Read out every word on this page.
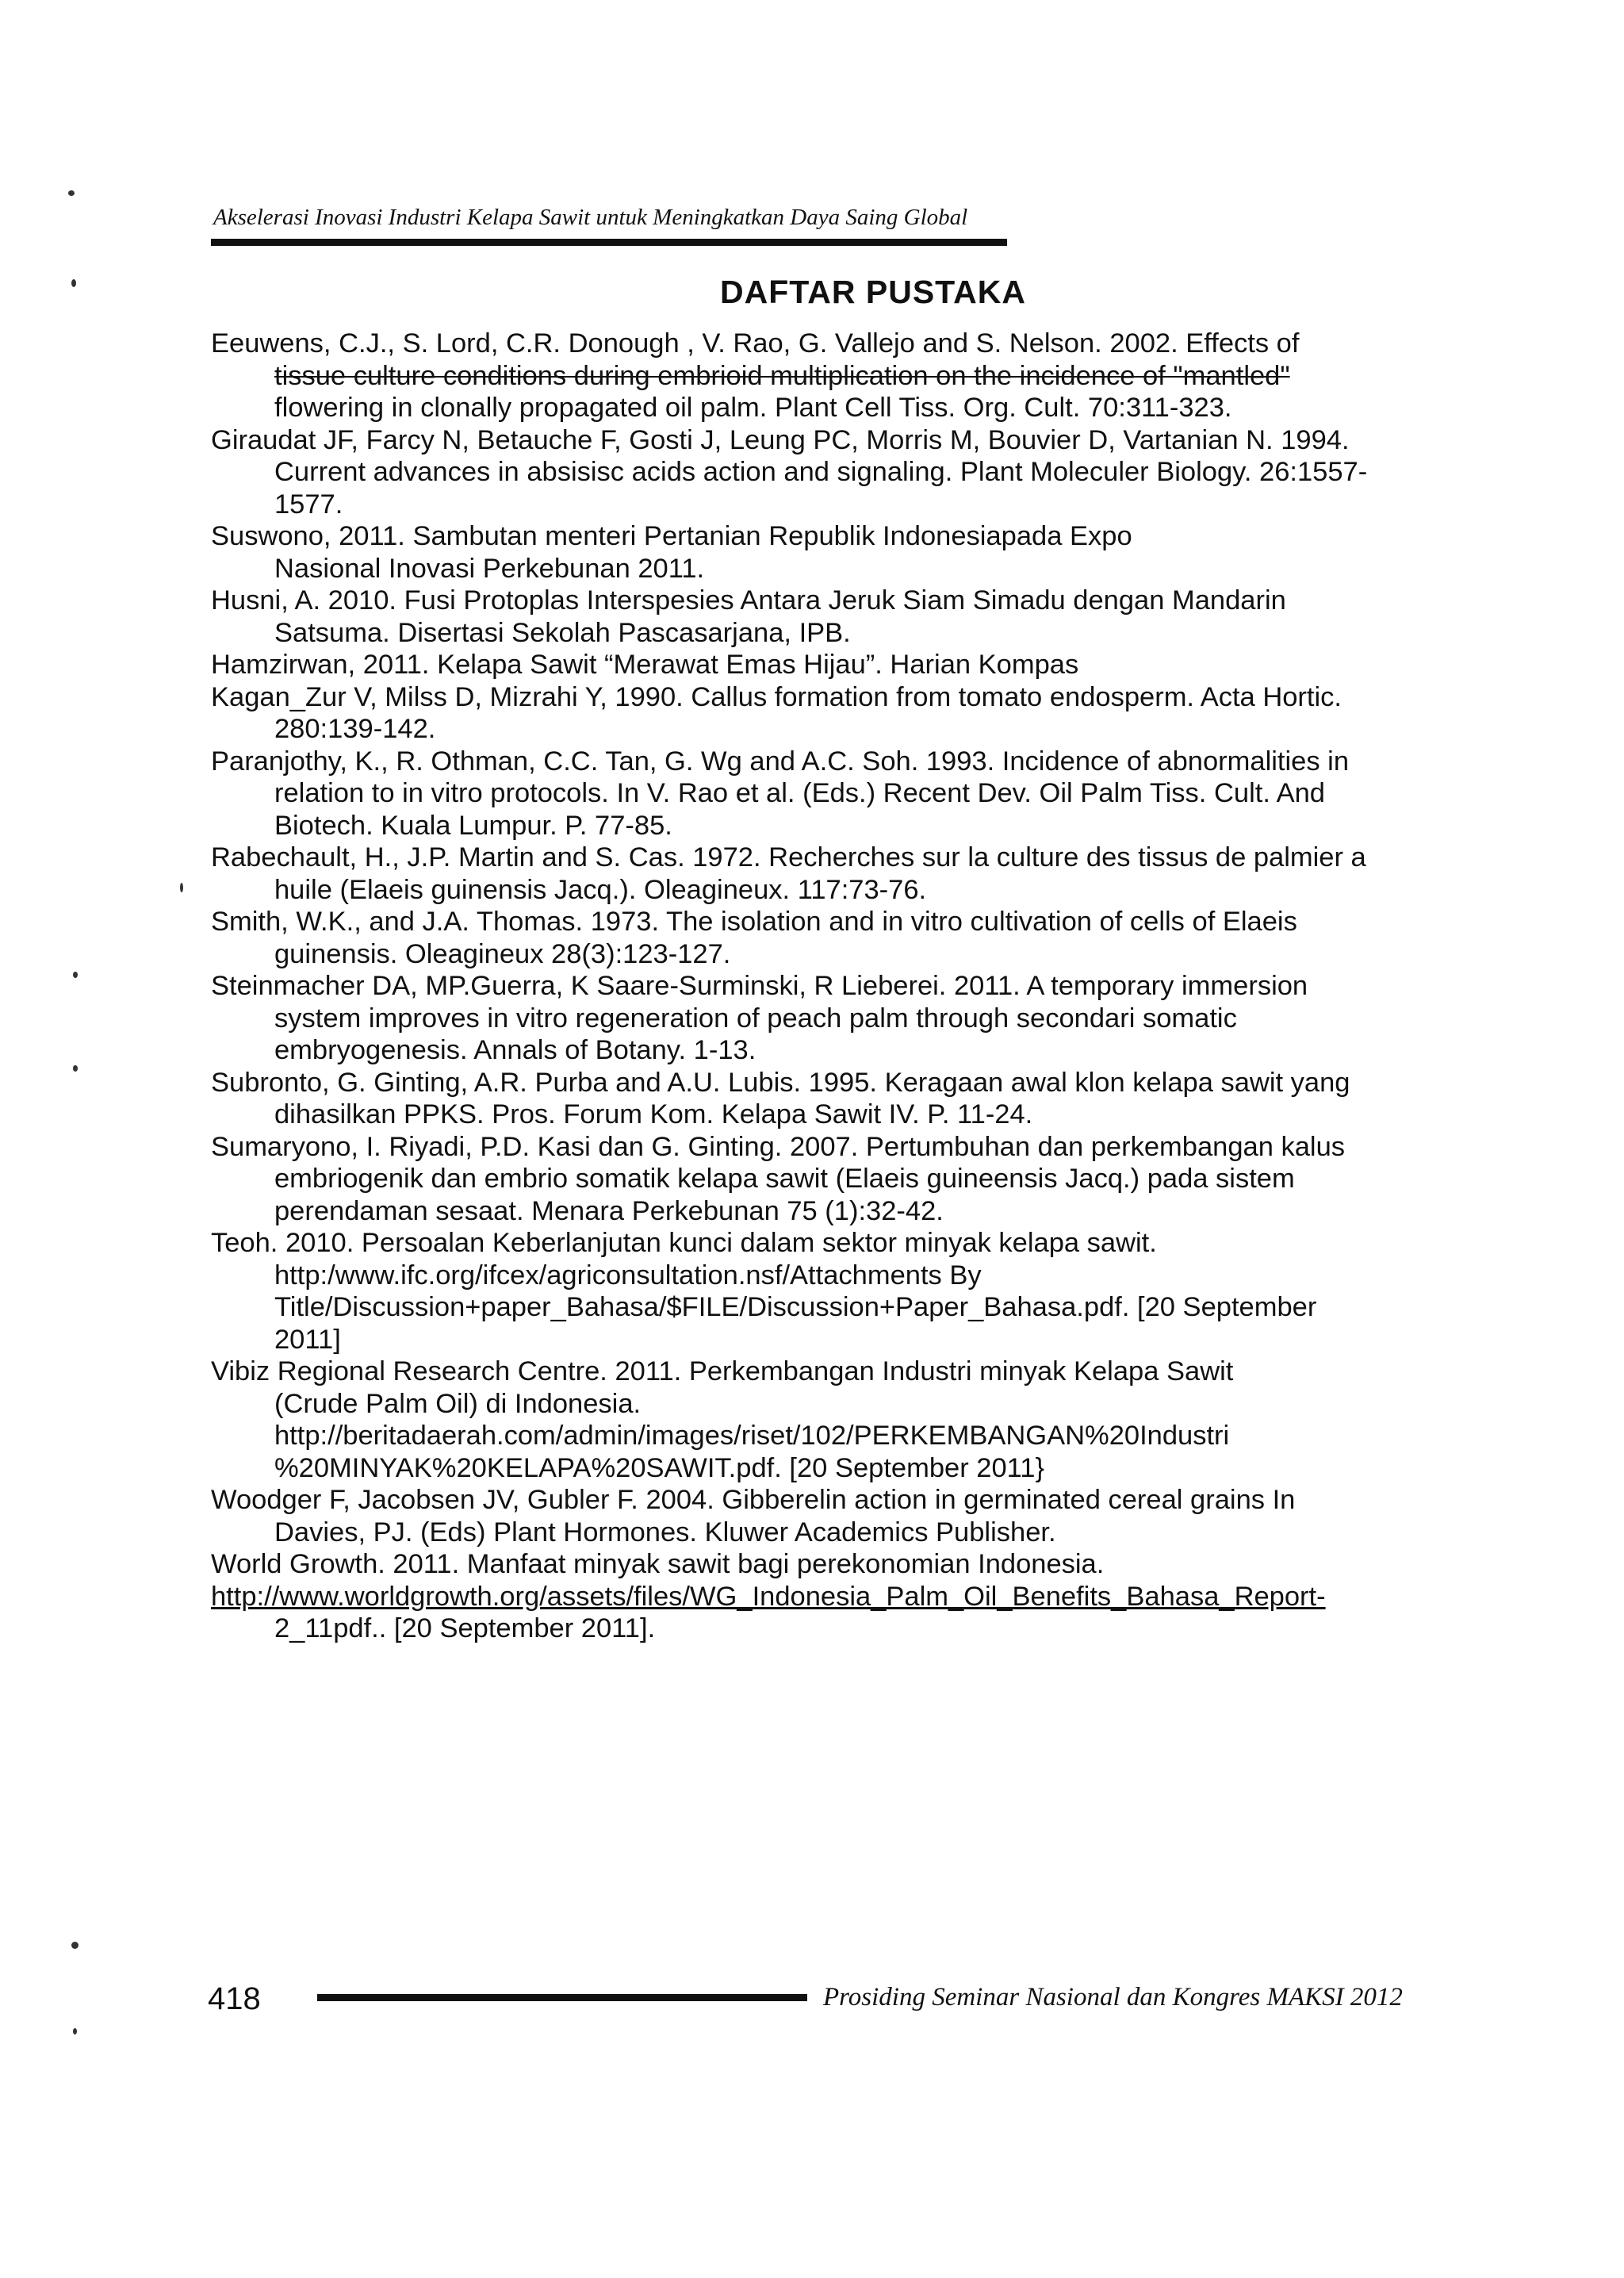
Akselerasi Inovasi Industri Kelapa Sawit untuk Meningkatkan Daya Saing Global
DAFTAR PUSTAKA
Eeuwens, C.J., S. Lord, C.R. Donough , V. Rao, G. Vallejo and S. Nelson. 2002. Effects of
tissue culture conditions during embrioid multiplication on the incidence of "mantled"
flowering in clonally propagated oil palm. Plant Cell Tiss. Org. Cult. 70:311-323.
Giraudat JF, Farcy N, Betauche F, Gosti J, Leung PC, Morris M, Bouvier D, Vartanian N. 1994.
Current advances in absisisc acids action and signaling. Plant Moleculer Biology. 26:1557-
1577.
Suswono, 2011. Sambutan menteri Pertanian Republik Indonesiapada Expo
Nasional Inovasi Perkebunan 2011.
Husni, A. 2010. Fusi Protoplas Interspesies Antara Jeruk Siam Simadu dengan Mandarin
Satsuma. Disertasi Sekolah Pascasarjana, IPB.
Hamzirwan, 2011. Kelapa Sawit “Merawat Emas Hijau”. Harian Kompas
Kagan_Zur V, Milss D, Mizrahi Y, 1990. Callus formation from tomato endosperm. Acta Hortic.
280:139-142.
Paranjothy, K., R. Othman, C.C. Tan, G. Wg and A.C. Soh. 1993. Incidence of abnormalities in
relation to in vitro protocols. In V. Rao et al. (Eds.) Recent Dev. Oil Palm Tiss. Cult. And
Biotech. Kuala Lumpur. P. 77-85.
Rabechault, H., J.P. Martin and S. Cas. 1972. Recherches sur la culture des tissus de palmier a
huile (Elaeis guinensis Jacq.). Oleagineux. 117:73-76.
Smith, W.K., and J.A. Thomas. 1973. The isolation and in vitro cultivation of cells of Elaeis
guinensis. Oleagineux 28(3):123-127.
Steinmacher DA, MP.Guerra, K Saare-Surminski, R Lieberei. 2011. A temporary immersion
system improves in vitro regeneration of peach palm through secondari somatic
embryogenesis. Annals of Botany. 1-13.
Subronto, G. Ginting, A.R. Purba and A.U. Lubis. 1995. Keragaan awal klon kelapa sawit yang
dihasilkan PPKS. Pros. Forum Kom. Kelapa Sawit IV. P. 11-24.
Sumaryono, I. Riyadi, P.D. Kasi dan G. Ginting. 2007. Pertumbuhan dan perkembangan kalus
embriogenik dan embrio somatik kelapa sawit (Elaeis guineensis Jacq.) pada sistem
perendaman sesaat. Menara Perkebunan 75 (1):32-42.
Teoh. 2010. Persoalan Keberlanjutan kunci dalam sektor minyak kelapa sawit.
http:/www.ifc.org/ifcex/agriconsultation.nsf/Attachments By
Title/Discussion+paper_Bahasa/$FILE/Discussion+Paper_Bahasa.pdf. [20 September
2011]
Vibiz Regional Research Centre. 2011. Perkembangan Industri minyak Kelapa Sawit
(Crude Palm Oil) di Indonesia.
http://beritadaerah.com/admin/images/riset/102/PERKEMBANGAN%20Industri
%20MINYAK%20KELAPA%20SAWIT.pdf. [20 September 2011}
Woodger F, Jacobsen JV, Gubler F. 2004. Gibberelin action in germinated cereal grains In
Davies, PJ. (Eds) Plant Hormones. Kluwer Academics Publisher.
World Growth. 2011. Manfaat minyak sawit bagi perekonomian Indonesia.
http://www.worldgrowth.org/assets/files/WG_Indonesia_Palm_Oil_Benefits_Bahasa_Report-
2_11pdf.. [20 September 2011].
418	Prosiding Seminar Nasional dan Kongres MAKSI 2012
